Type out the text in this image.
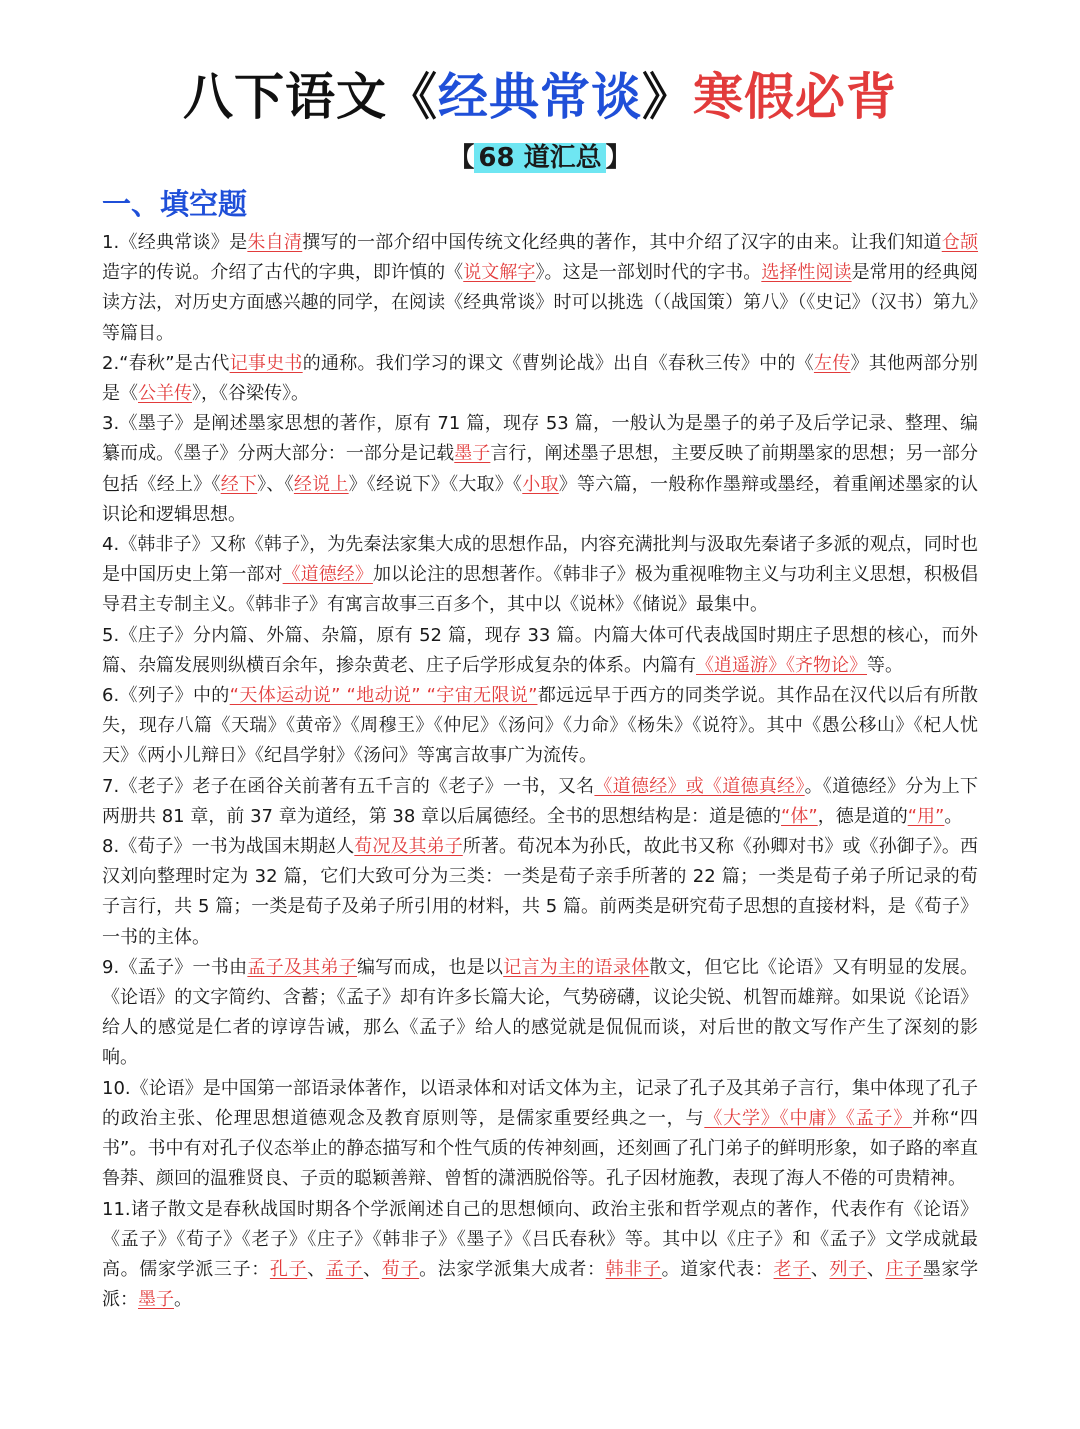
八下语文《经典常谈》寒假必背
【 68 道汇总 】
一、填空题

1.《经典常谈》是朱自清撰写的一部介绍中国传统文化经典的著作，其中介绍了汉字的由来。让我们知道仓颉造字的传说。介绍了古代的字典，即许慎的《说文解字》。这是一部划时代的字书。选择性阅读是常用的经典阅读方法，对历史方面感兴趣的同学，在阅读《经典常谈》时可以挑选（（战国策）第八》（《史记》（汉书）第九》等篇目。

2.“春秋”是古代记事史书的通称。我们学习的课文《曹刿论战》出自《春秋三传》中的《左传》其他两部分别是《公羊传》，《谷梁传》。

3.《墨子》是阐述墨家思想的著作，原有 71 篇，现存 53 篇，一般认为是墨子的弟子及后学记录、整理、编纂而成。《墨子》分两大部分：一部分是记载墨子言行，阐述墨子思想，主要反映了前期墨家的思想；另一部分包括《经上》《经下》、《经说上》《经说下》《大取》《小取》等六篇，一般称作墨辩或墨经，着重阐述墨家的认识论和逻辑思想。

4.《韩非子》又称《韩子》，为先秦法家集大成的思想作品，内容充满批判与汲取先秦诸子多派的观点，同时也是中国历史上第一部对《道德经》加以论注的思想著作。《韩非子》极为重视唯物主义与功利主义思想，积极倡导君主专制主义。《韩非子》有寓言故事三百多个，其中以《说林》《储说》最集中。

5.《庄子》分内篇、外篇、杂篇，原有 52 篇，现存 33 篇。内篇大体可代表战国时期庄子思想的核心，而外篇、杂篇发展则纵横百余年，掺杂黄老、庄子后学形成复杂的体系。内篇有《逍遥游》《齐物论》等。

6.《列子》中的“天体运动说” “地动说” “宇宙无限说”都远远早于西方的同类学说。其作品在汉代以后有所散失，现存八篇《天瑞》《黄帝》《周穆王》《仲尼》《汤问》《力命》《杨朱》《说符》。其中《愚公移山》《杞人忧天》《两小儿辩日》《纪昌学射》《汤问》等寓言故事广为流传。

7.《老子》老子在函谷关前著有五千言的《老子》一书，又名《道德经》或《道德真经》。《道德经》分为上下两册共 81 章，前 37 章为道经，第 38 章以后属德经。全书的思想结构是：道是德的“体”，德是道的“用”。

8.《荀子》一书为战国末期赵人荀况及其弟子所著。荀况本为孙氏，故此书又称《孙卿对书》或《孙御子》。西汉刘向整理时定为 32 篇，它们大致可分为三类：一类是荀子亲手所著的 22 篇；一类是荀子弟子所记录的荀子言行，共 5 篇；一类是荀子及弟子所引用的材料，共 5 篇。前两类是研究荀子思想的直接材料，是《荀子》一书的主体。

9.《孟子》一书由孟子及其弟子编写而成，也是以记言为主的语录体散文，但它比《论语》又有明显的发展。《论语》的文字简约、含蓄；《孟子》却有许多长篇大论，气势磅礴，议论尖锐、机智而雄辩。如果说《论语》给人的感觉是仁者的谆谆告诫，那么《孟子》给人的感觉就是侃侃而谈，对后世的散文写作产生了深刻的影响。

10.《论语》是中国第一部语录体著作，以语录体和对话文体为主，记录了孔子及其弟子言行，集中体现了孔子的政治主张、伦理思想道德观念及教育原则等，是儒家重要经典之一，与《大学》《中庸》《孟子》并称“四书”。书中有对孔子仪态举止的静态描写和个性气质的传神刻画，还刻画了孔门弟子的鲜明形象，如子路的率直鲁莽、颜回的温雅贤良、子贡的聪颖善辩、曾皙的潇洒脱俗等。孔子因材施教，表现了海人不倦的可贵精神。

11.诸子散文是春秋战国时期各个学派阐述自己的思想倾向、政治主张和哲学观点的著作，代表作有《论语》《孟子》《荀子》《老子》《庄子》《韩非子》《墨子》《吕氏春秋》等。其中以《庄子》和《孟子》文学成就最高。儒家学派三子：孔子、孟子、荀子。法家学派集大成者：韩非子。道家代表：老子、列子、庄子墨家学派：墨子。
